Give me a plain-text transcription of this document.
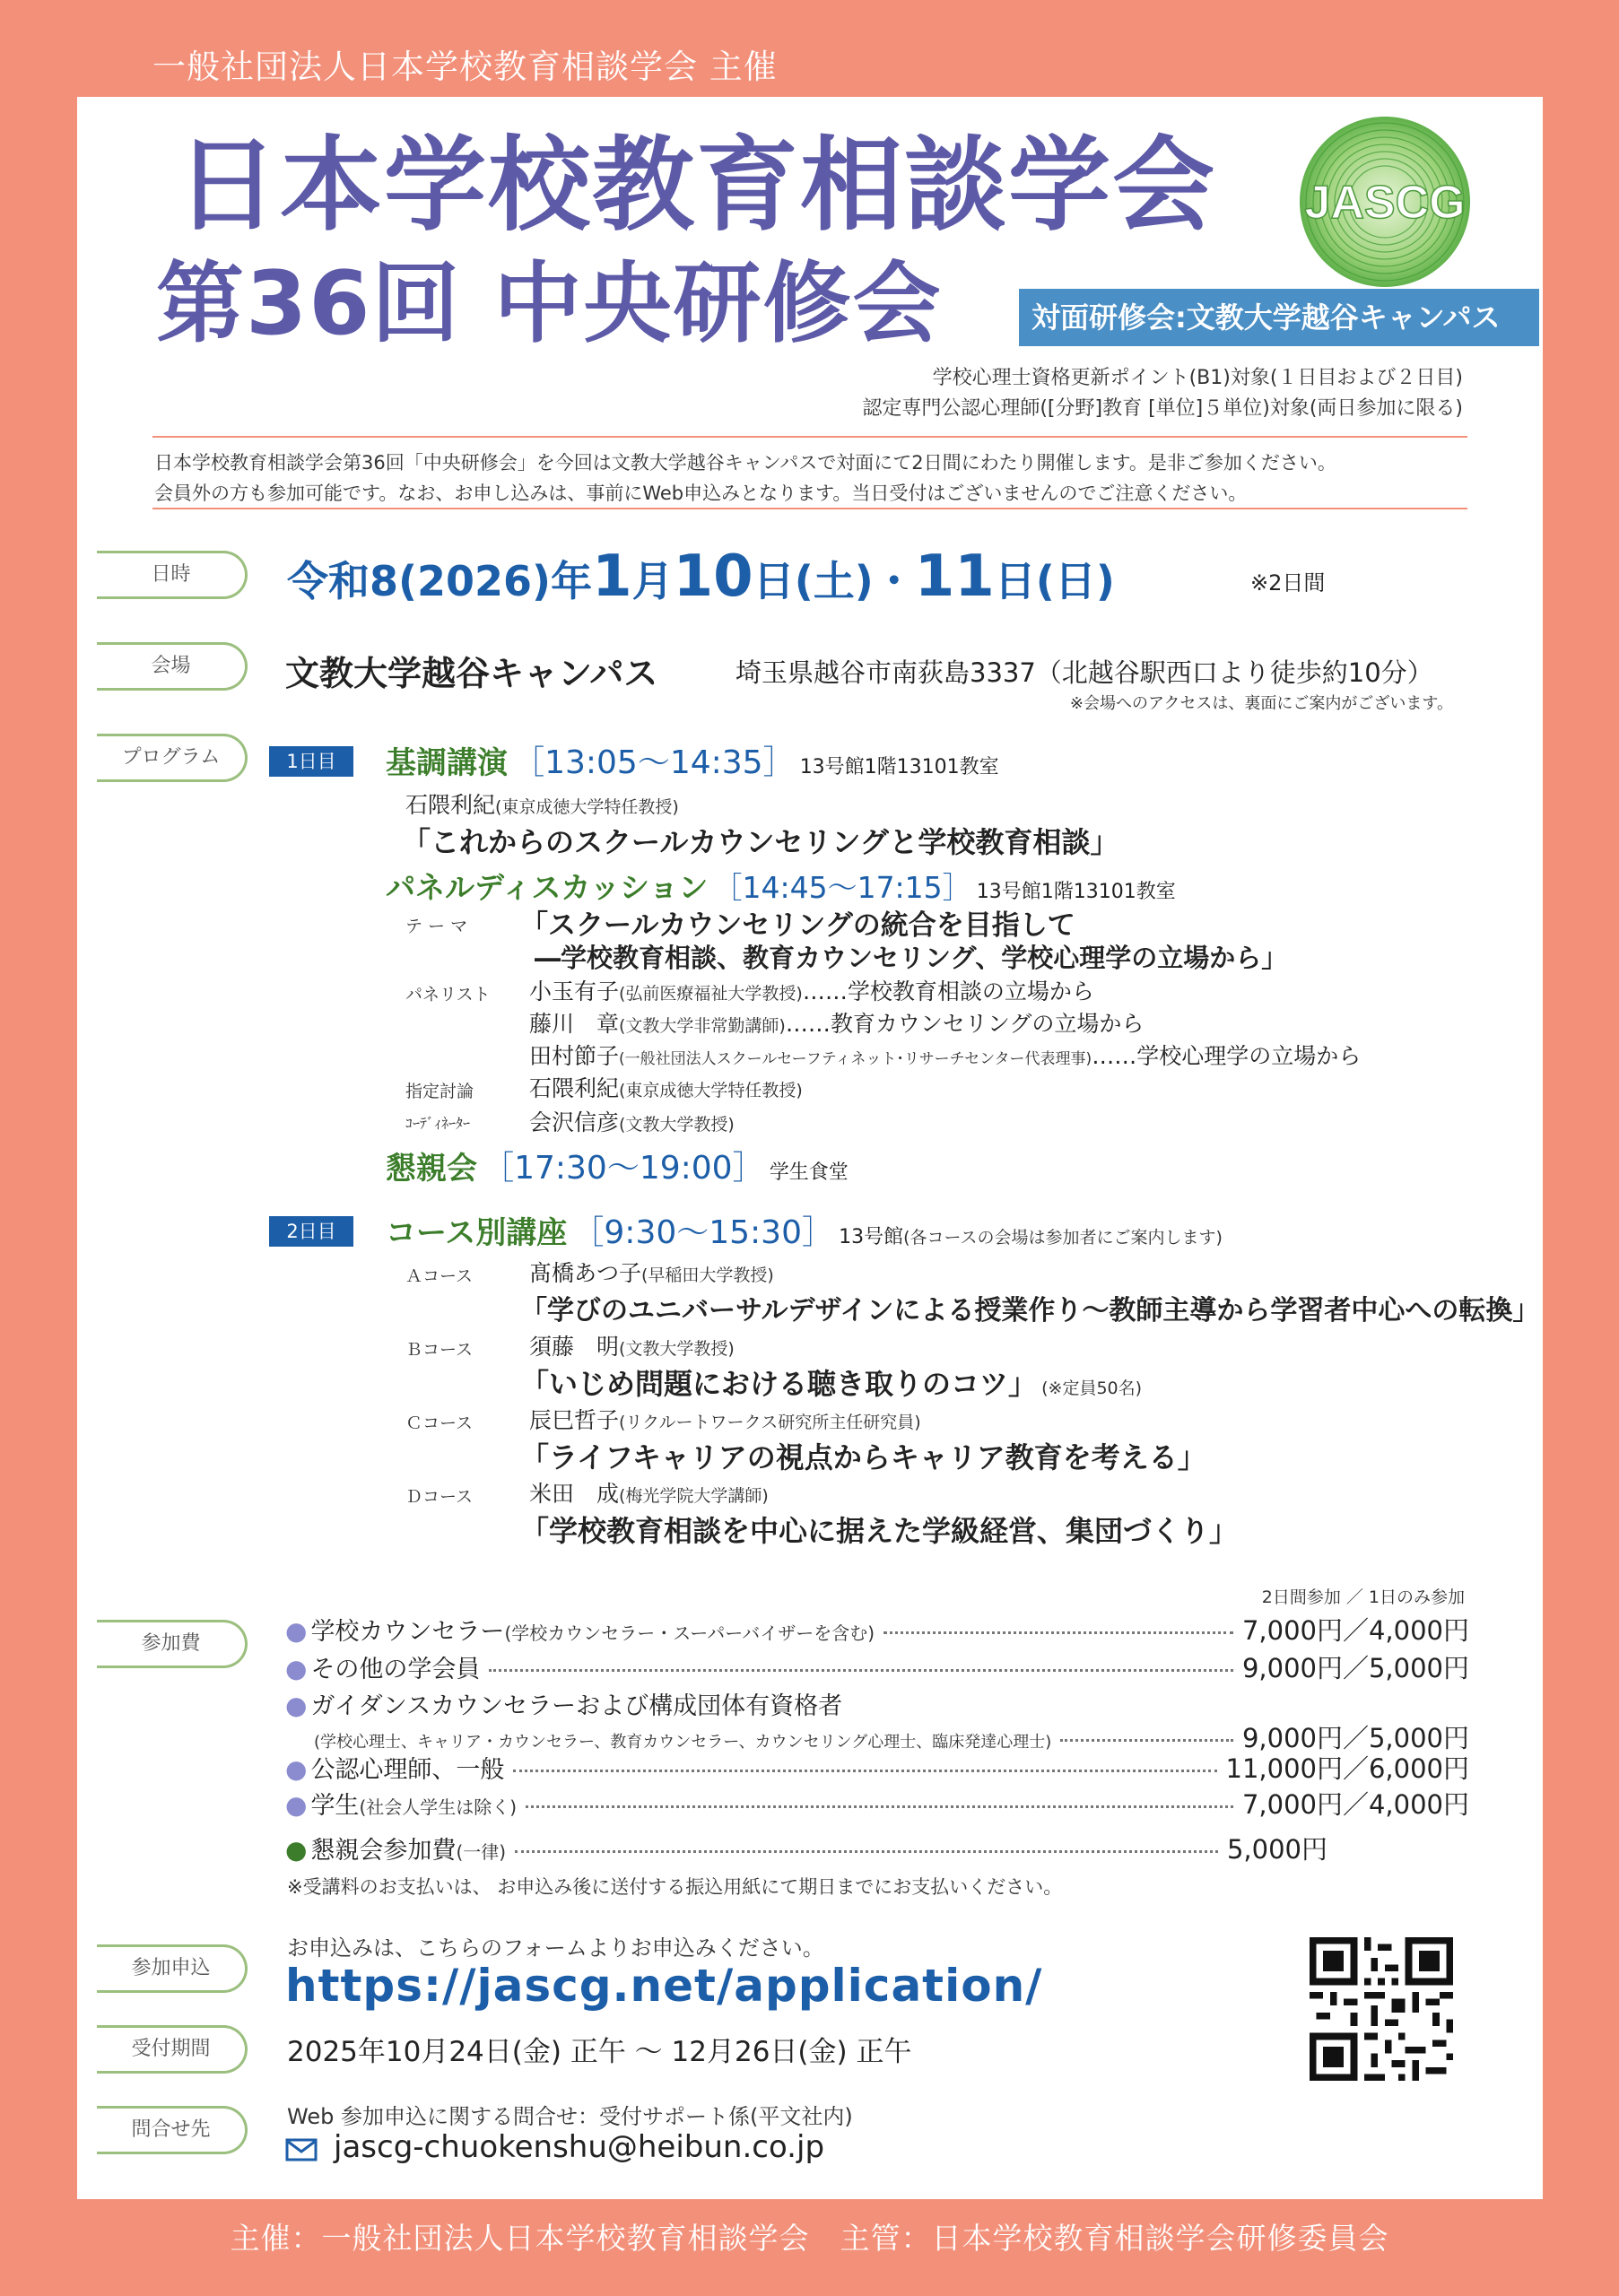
一般社団法人日本学校教育相談学会 主催
日本学校教育相談学会
第36回 中央研修会
JASCG
対面研修会:文教大学越谷キャンパス
学校心理士資格更新ポイント(B1)対象(１日目および２日目)
認定専門公認心理師([分野]教育 [単位]５単位)対象(両日参加に限る)
日本学校教育相談学会第36回「中央研修会」を今回は文教大学越谷キャンパスで対面にて2日間にわたり開催します。是非ご参加ください。
会員外の方も参加可能です。なお、お申し込みは、事前にWeb申込みとなります。当日受付はございませんのでご注意ください。
日時
会場
プログラム
参加費
参加申込
受付期間
問合せ先
令和8(2026)年1月10日(土)・11日(日)	※2日間
文教大学越谷キャンパス	埼玉県越谷市南荻島3337（北越谷駅西口より徒歩約10分）
※会場へのアクセスは、裏面にご案内がございます。
1日目	基調講演 ［13:05～14:35］ 13号館1階13101教室
石隈利紀(東京成徳大学特任教授)
「これからのスクールカウンセリングと学校教育相談」
パネルディスカッション ［14:45～17:15］ 13号館1階13101教室
テ ー マ 「スクールカウンセリングの統合を目指して
―学校教育相談、教育カウンセリング、学校心理学の立場から」
パネリスト 小玉有子(弘前医療福祉大学教授)……学校教育相談の立場から
藤川　章(文教大学非常勤講師)……教育カウンセリングの立場から
田村節子(一般社団法人スクールセーフティネット･リサーチセンター代表理事)……学校心理学の立場から
指定討論 石隈利紀(東京成徳大学特任教授)
ｺｰﾃﾞｨﾈｰﾀｰ	会沢信彦(文教大学教授)
懇親会 ［17:30～19:00］ 学生食堂
2日目	コース別講座 ［9:30～15:30］ 13号館(各コースの会場は参加者にご案内します)
Ａコース	髙橋あつ子(早稲田大学教授)
「学びのユニバーサルデザインによる授業作り～教師主導から学習者中心への転換」
Ｂコース	須藤　明(文教大学教授)
「いじめ問題における聴き取りのコツ」 (※定員50名)
Ｃコース	辰巳哲子(リクルートワークス研究所主任研究員)
「ライフキャリアの視点からキャリア教育を考える」
Ｄコース	米田　成(梅光学院大学講師)
「学校教育相談を中心に据えた学級経営、集団づくり」
2日間参加 ／ 1日のみ参加
● 学校カウンセラー (学校カウンセラー・スーパーバイザーを含む)	7,000円／4,000円
● その他の学会員	9,000円／5,000円
● ガイダンスカウンセラーおよび構成団体有資格者
(学校心理士、キャリア・カウンセラー、教育カウンセラー、カウンセリング心理士、臨床発達心理士)	9,000円／5,000円
● 公認心理師、一般	11,000円／6,000円
● 学生 (社会人学生は除く)	7,000円／4,000円
● 懇親会参加費 (一律)	5,000円
※受講料のお支払いは、 お申込み後に送付する振込用紙にて期日までにお支払いください。
お申込みは、こちらのフォームよりお申込みください。
https://jascg.net/application/
2025年10月24日(金) 正午 ～ 12月26日(金) 正午
Web 参加申込に関する問合せ：受付サポート係(平文社内)
jascg-chuokenshu@heibun.co.jp
主催：一般社団法人日本学校教育相談学会　主管：日本学校教育相談学会研修委員会
